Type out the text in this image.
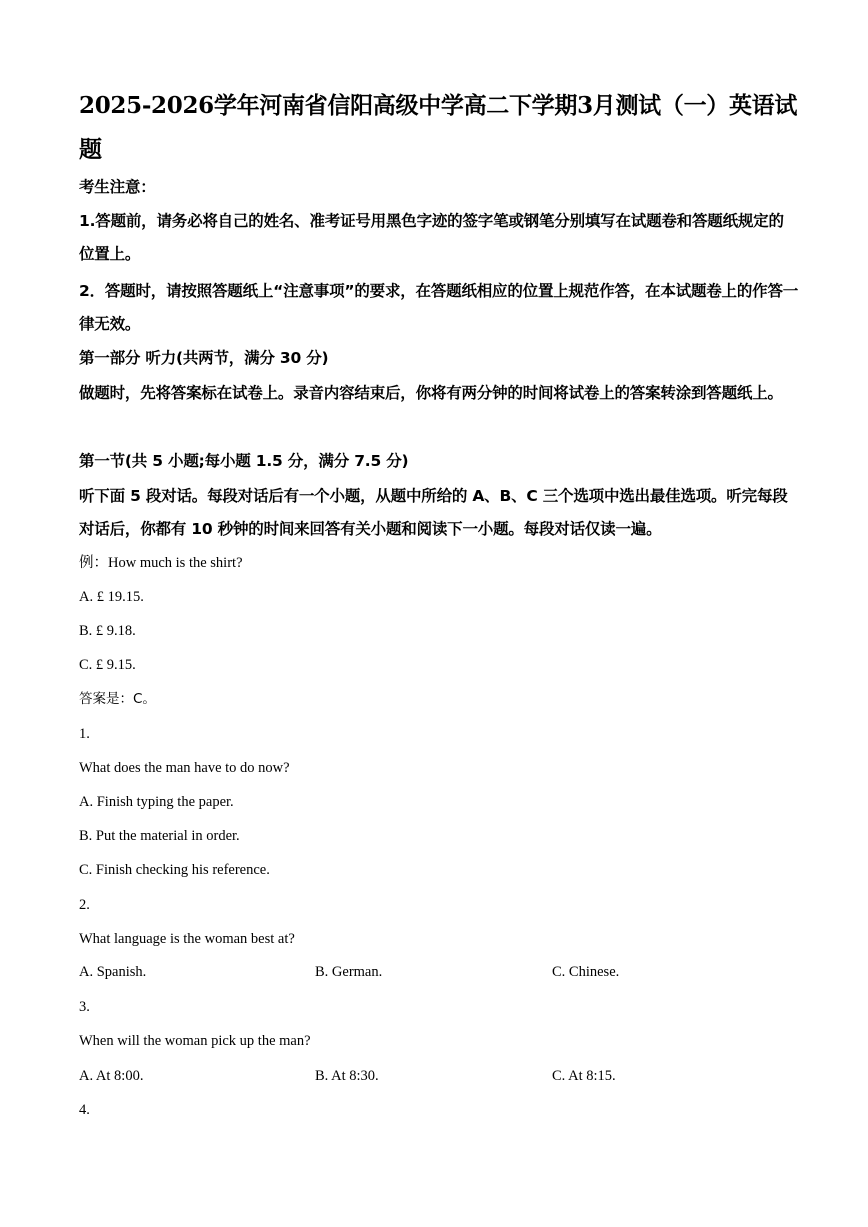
2025-2026学年河南省信阳高级中学高二下学期3月测试（一）英语试题
考生注意：
1.答题前，请务必将自己的姓名、准考证号用黑色字迹的签字笔或钢笔分别填写在试题卷和答题纸规定的位置上。
2．答题时，请按照答题纸上“注意事项”的要求，在答题纸相应的位置上规范作答，在本试题卷上的作答一律无效。
第一部分 听力(共两节，满分 30 分)
做题时，先将答案标在试卷上。录音内容结束后，你将有两分钟的时间将试卷上的答案转涂到答题纸上。
第一节(共 5 小题;每小题 1.5 分，满分 7.5 分)
听下面 5 段对话。每段对话后有一个小题，从题中所给的 A、B、C 三个选项中选出最佳选项。听完每段对话后，你都有 10 秒钟的时间来回答有关小题和阅读下一小题。每段对话仅读一遍。
例：How much is the shirt?
A. £ 19.15.
B. £ 9.18.
C. £ 9.15.
答案是：C。
1.
What does the man have to do now?
A. Finish typing the paper.
B. Put the material in order.
C. Finish checking his reference.
2.
What language is the woman best at?
A. Spanish.	B. German.	C. Chinese.
3.
When will the woman pick up the man?
A. At 8:00.	B. At 8:30.	C. At 8:15.
4.
